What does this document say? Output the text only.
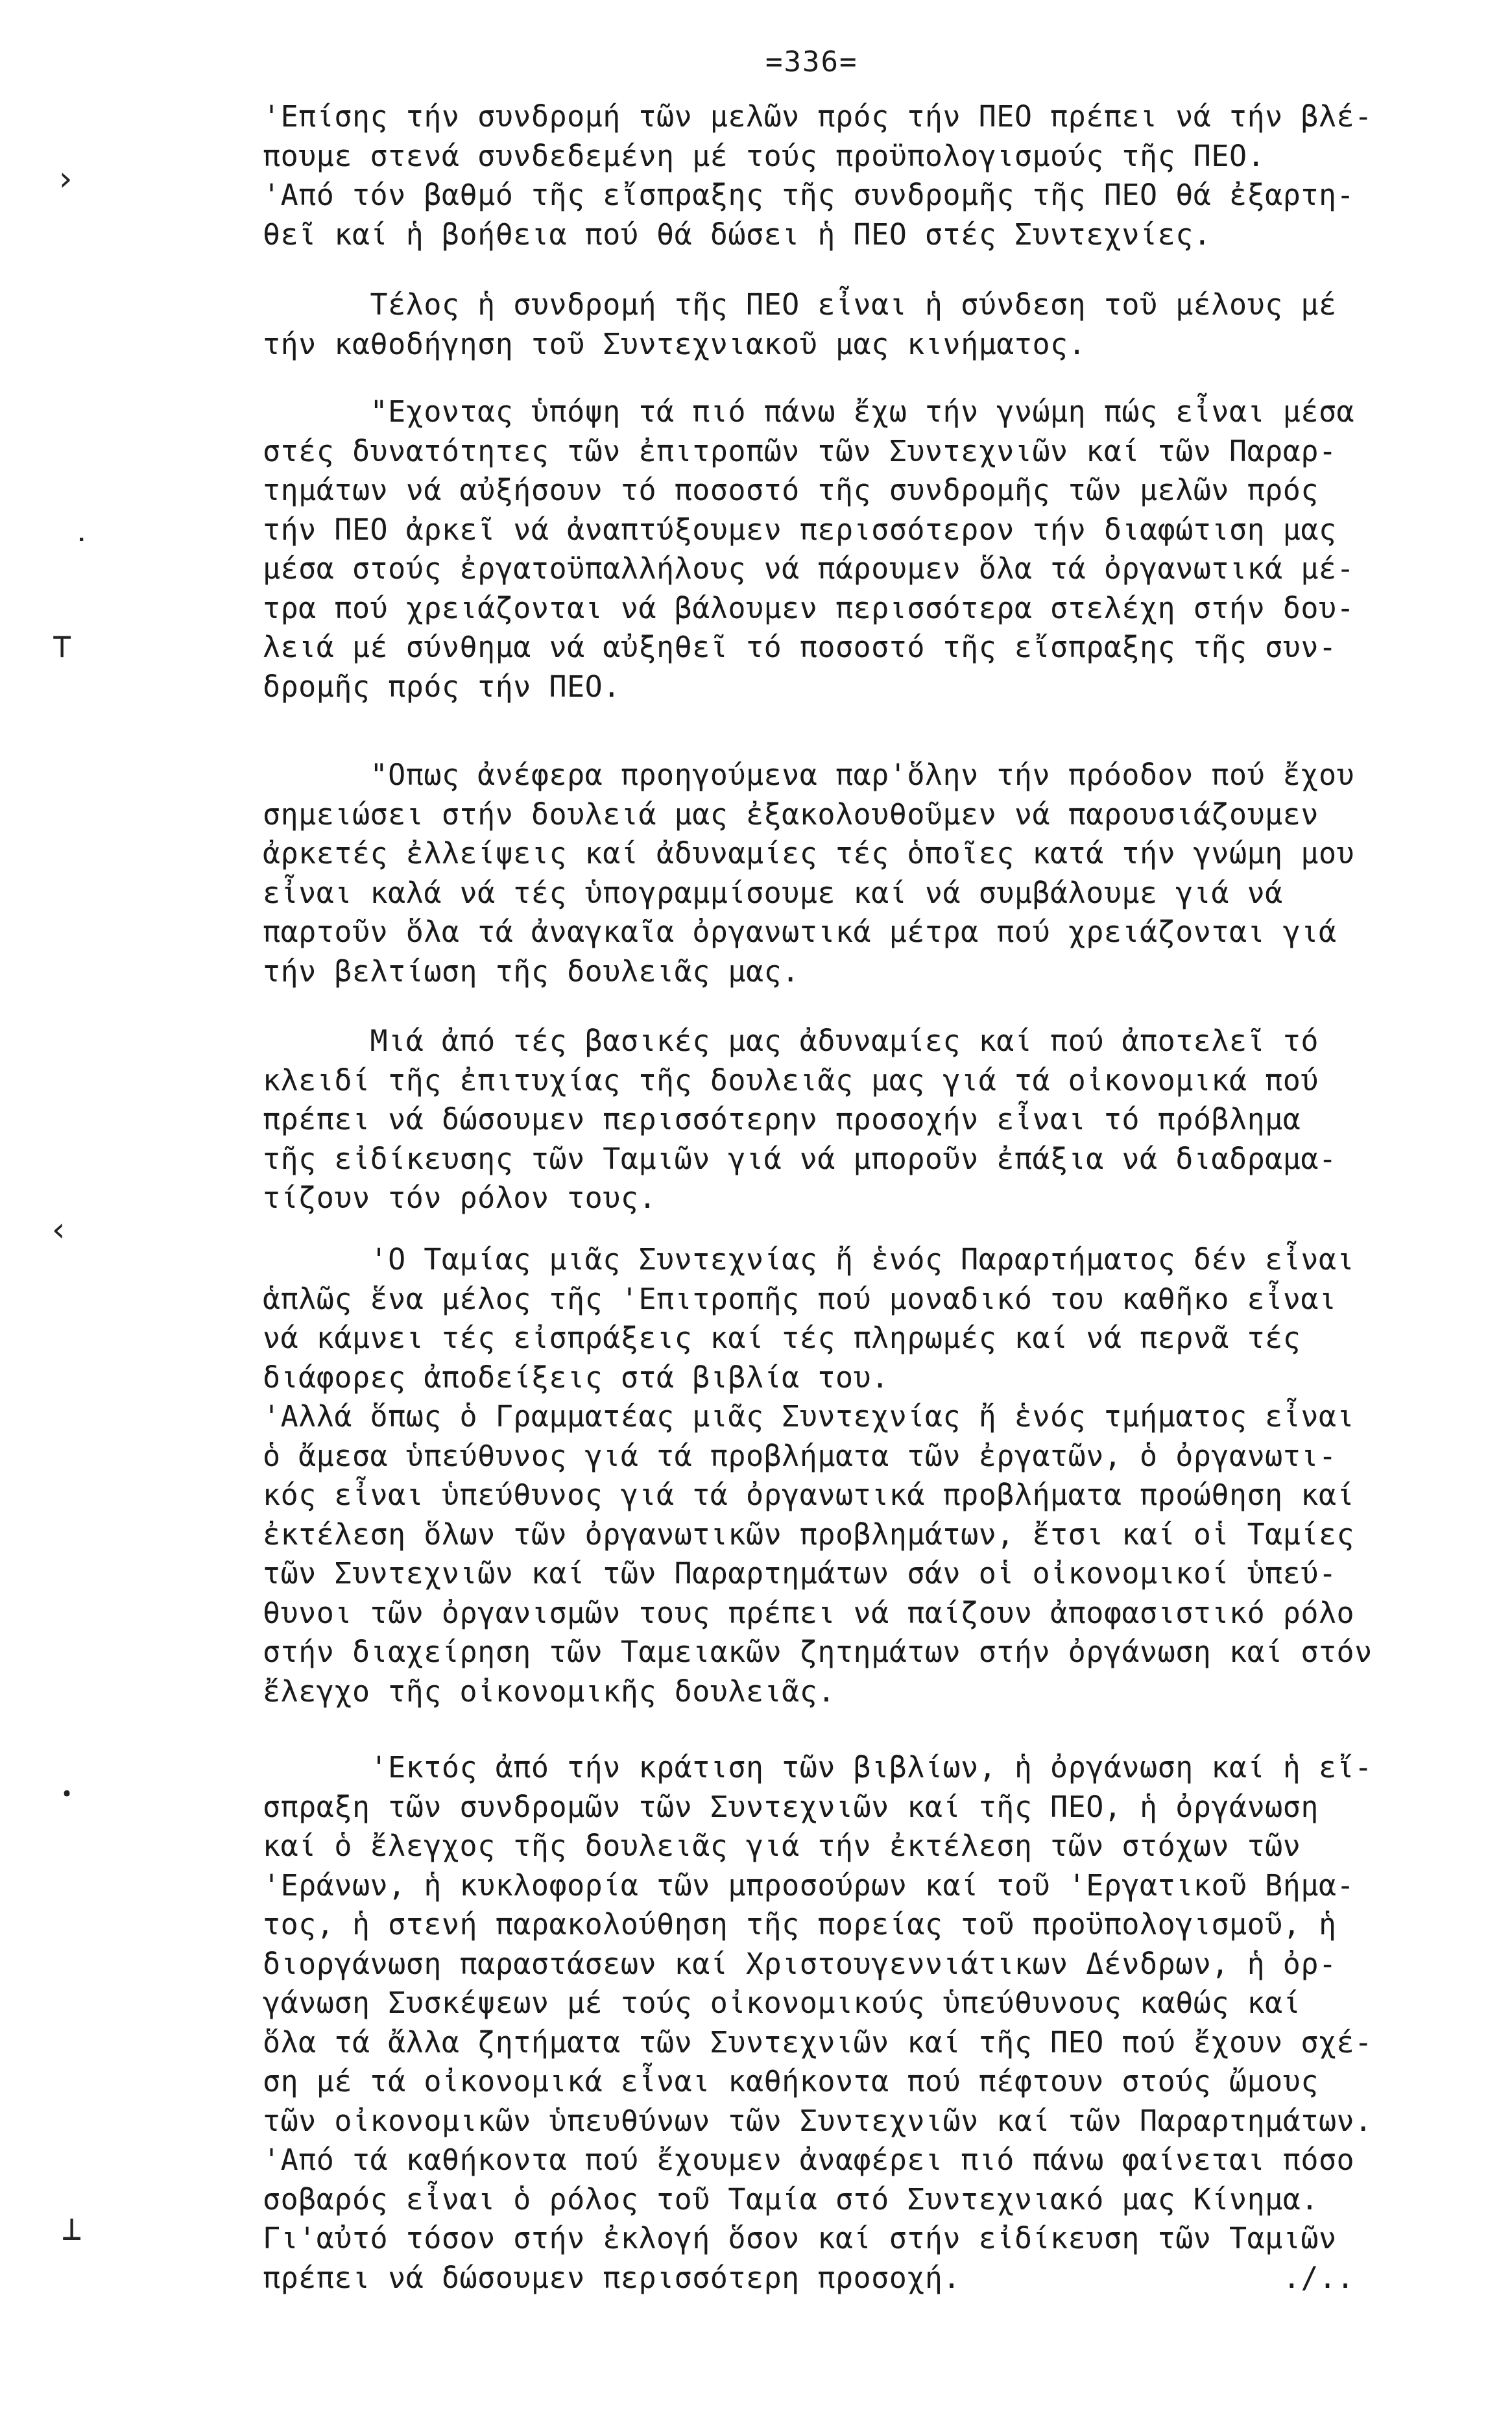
=336=
'Επίσης τήν συνδρομή τῶν μελῶν πρός τήν ΠΕΟ πρέπει νά τήν βλέ-
πουμε στενά συνδεδεμένη μέ τούς προϋπολογισμούς τῆς ΠΕΟ.
'Από τόν βαθμό τῆς εἴσπραξης τῆς συνδρομῆς τῆς ΠΕΟ θά ἐξαρτη-
θεῖ καί ἡ βοήθεια πού θά δώσει ἡ ΠΕΟ στές Συντεχνίες.
Τέλος ἡ συνδρομή τῆς ΠΕΟ εἶναι ἡ σύνδεση τοῦ μέλους μέ
τήν καθοδήγηση τοῦ Συντεχνιακοῦ μας κινήματος.
"Εχοντας ὑπόψη τά πιό πάνω ἔχω τήν γνώμη πώς εἶναι μέσα
στές δυνατότητες τῶν ἐπιτροπῶν τῶν Συντεχνιῶν καί τῶν Παραρ-
τημάτων νά αὐξήσουν τό ποσοστό τῆς συνδρομῆς τῶν μελῶν πρός
τήν ΠΕΟ ἀρκεῖ νά ἀναπτύξουμεν περισσότερον τήν διαφώτιση μας
μέσα στούς ἐργατοϋπαλλήλους νά πάρουμεν ὅλα τά ὀργανωτικά μέ-
τρα πού χρειάζονται νά βάλουμεν περισσότερα στελέχη στήν δου-
λειά μέ σύνθημα νά αὐξηθεῖ τό ποσοστό τῆς εἴσπραξης τῆς συν-
δρομῆς πρός τήν ΠΕΟ.
"Οπως ἀνέφερα προηγούμενα παρ'ὅλην τήν πρόοδον πού ἔχου
σημειώσει στήν δουλειά μας ἐξακολουθοῦμεν νά παρουσιάζουμεν
ἀρκετές ἐλλείψεις καί ἀδυναμίες τές ὁποῖες κατά τήν γνώμη μου
εἶναι καλά νά τές ὑπογραμμίσουμε καί νά συμβάλουμε γιά νά
παρτοῦν ὅλα τά ἀναγκαῖα ὀργανωτικά μέτρα πού χρειάζονται γιά
τήν βελτίωση τῆς δουλειᾶς μας.
Μιά ἀπό τές βασικές μας ἀδυναμίες καί πού ἀποτελεῖ τό
κλειδί τῆς ἐπιτυχίας τῆς δουλειᾶς μας γιά τά οἰκονομικά πού
πρέπει νά δώσουμεν περισσότερην προσοχήν εἶναι τό πρόβλημα
τῆς εἰδίκευσης τῶν Ταμιῶν γιά νά μποροῦν ἐπάξια νά διαδραμα-
τίζουν τόν ρόλον τους.
'Ο Ταμίας μιᾶς Συντεχνίας ἤ ἑνός Παραρτήματος δέν εἶναι
ἁπλῶς ἕνα μέλος τῆς 'Επιτροπῆς πού μοναδικό του καθῆκο εἶναι
νά κάμνει τές εἰσπράξεις καί τές πληρωμές καί νά περνᾶ τές
διάφορες ἀποδείξεις στά βιβλία του.
'Αλλά ὅπως ὁ Γραμματέας μιᾶς Συντεχνίας ἤ ἑνός τμήματος εἶναι
ὁ ἄμεσα ὑπεύθυνος γιά τά προβλήματα τῶν ἐργατῶν, ὁ ὀργανωτι-
κός εἶναι ὑπεύθυνος γιά τά ὀργανωτικά προβλήματα προώθηση καί
ἐκτέλεση ὅλων τῶν ὀργανωτικῶν προβλημάτων, ἔτσι καί οἱ Ταμίες
τῶν Συντεχνιῶν καί τῶν Παραρτημάτων σάν οἱ οἰκονομικοί ὑπεύ-
θυνοι τῶν ὀργανισμῶν τους πρέπει νά παίζουν ἀποφασιστικό ρόλο
στήν διαχείρηση τῶν Ταμειακῶν ζητημάτων στήν ὀργάνωση καί στόν
ἔλεγχο τῆς οἰκονομικῆς δουλειᾶς.
'Εκτός ἀπό τήν κράτιση τῶν βιβλίων, ἡ ὀργάνωση καί ἡ εἴ-
σπραξη τῶν συνδρομῶν τῶν Συντεχνιῶν καί τῆς ΠΕΟ, ἡ ὀργάνωση
καί ὁ ἔλεγχος τῆς δουλειᾶς γιά τήν ἐκτέλεση τῶν στόχων τῶν
'Εράνων, ἡ κυκλοφορία τῶν μπροσούρων καί τοῦ 'Εργατικοῦ Βήμα-
τος, ἡ στενή παρακολούθηση τῆς πορείας τοῦ προϋπολογισμοῦ, ἡ
διοργάνωση παραστάσεων καί Χριστουγεννιάτικων Δένδρων, ἡ ὀρ-
γάνωση Συσκέψεων μέ τούς οἰκονομικούς ὑπεύθυνους καθώς καί
ὅλα τά ἄλλα ζητήματα τῶν Συντεχνιῶν καί τῆς ΠΕΟ πού ἔχουν σχέ-
ση μέ τά οἰκονομικά εἶναι καθήκοντα πού πέφτουν στούς ὤμους
τῶν οἰκονομικῶν ὑπευθύνων τῶν Συντεχνιῶν καί τῶν Παραρτημάτων.
'Από τά καθήκοντα πού ἔχουμεν ἀναφέρει πιό πάνω φαίνεται πόσο
σοβαρός εἶναι ὁ ρόλος τοῦ Ταμία στό Συντεχνιακό μας Κίνημα.
Γι'αὐτό τόσον στήν ἐκλογή ὅσον καί στήν εἰδίκευση τῶν Ταμιῶν
πρέπει νά δώσουμεν περισσότερη προσοχή.                  ./..
›
˙
⊤
‹
ꞏ
⊥
